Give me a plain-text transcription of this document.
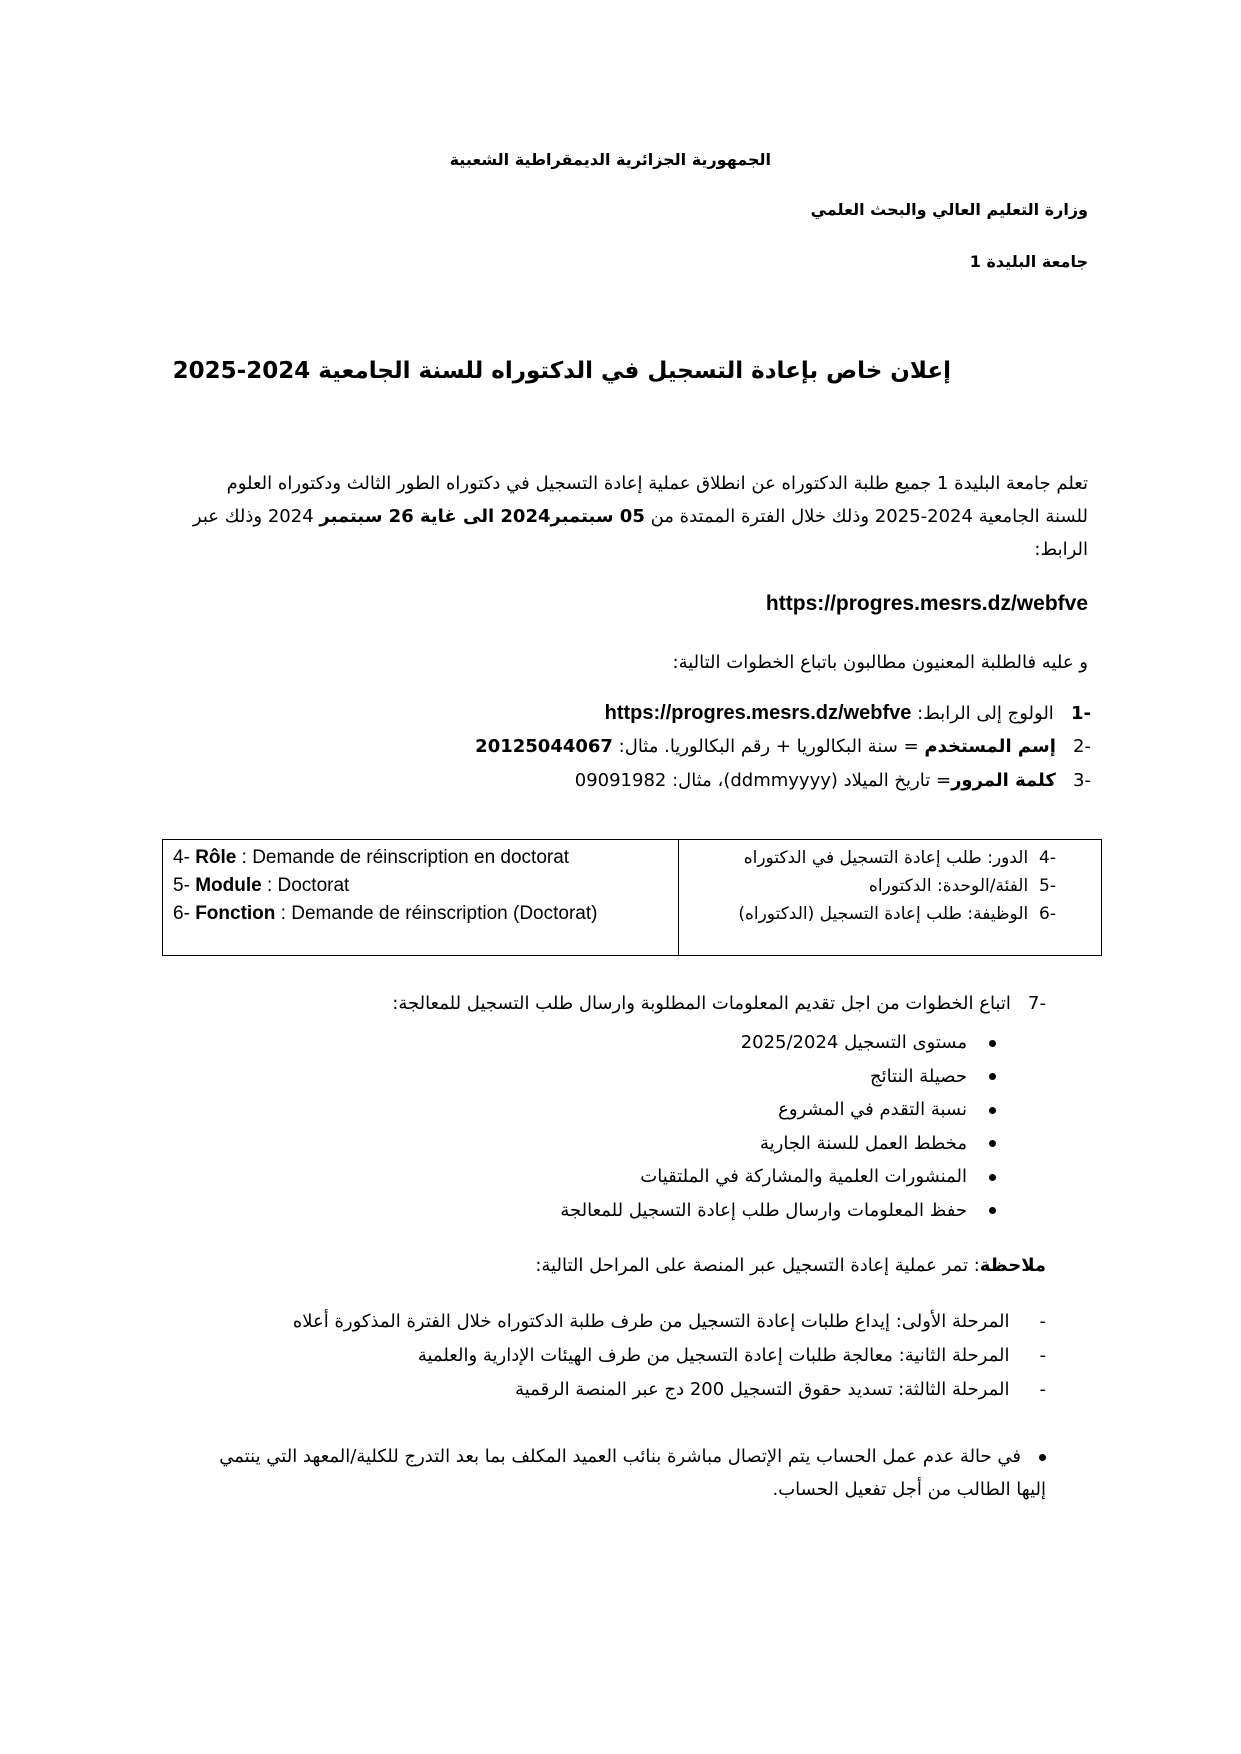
الجمهورية الجزائرية الديمقراطية الشعبية
وزارة التعليم العالي والبحث العلمي
جامعة البليدة 1
إعلان خاص بإعادة التسجيل في الدكتوراه للسنة الجامعية 2024-2025
تعلم جامعة البليدة 1 جميع طلبة الدكتوراه عن انطلاق عملية إعادة التسجيل في دكتوراه الطور الثالث ودكتوراه العلوم
للسنة الجامعية 2024-2025 وذلك خلال الفترة الممتدة من 05 سبتمبر2024 الى غاية 26 سبتمبر 2024 وذلك عبر
الرابط:
https://progres.mesrs.dz/webfve
و عليه فالطلبة المعنيون مطالبون باتباع الخطوات التالية:
-1   الولوج إلى الرابط: https://progres.mesrs.dz/webfve
-2   إسم المستخدم = سنة البكالوريا + رقم البكالوريا. مثال: 20125044067
-3   كلمة المرور= تاريخ الميلاد (ddmmyyyy)، مثال: 09091982
4- Rôle : Demande de réinscription en doctorat
5- Module : Doctorat
6- Fonction : Demande de réinscription (Doctorat)

-4  الدور: طلب إعادة التسجيل في الدكتوراه
-5  الفئة/الوحدة: الدكتوراه
-6  الوظيفة: طلب إعادة التسجيل (الدكتوراه)
-7   اتباع الخطوات من اجل تقديم المعلومات المطلوبة وارسال طلب التسجيل للمعالجة:
مستوى التسجيل 2025/2024
حصيلة النتائج
نسبة التقدم في المشروع
مخطط العمل للسنة الجارية
المنشورات العلمية والمشاركة في الملتقيات
حفظ المعلومات وارسال طلب إعادة التسجيل للمعالجة
ملاحظة: تمر عملية إعادة التسجيل عبر المنصة على المراحل التالية:
-المرحلة الأولى: إيداع طلبات إعادة التسجيل من طرف طلبة الدكتوراه خلال الفترة المذكورة أعلاه
-المرحلة الثانية: معالجة طلبات إعادة التسجيل من طرف الهيئات الإدارية والعلمية
-المرحلة الثالثة: تسديد حقوق التسجيل 200 دج عبر المنصة الرقمية
في حالة عدم عمل الحساب يتم الإتصال مباشرة بنائب العميد المكلف بما بعد التدرج للكلية/المعهد التي ينتمي
إليها الطالب من أجل تفعيل الحساب.
